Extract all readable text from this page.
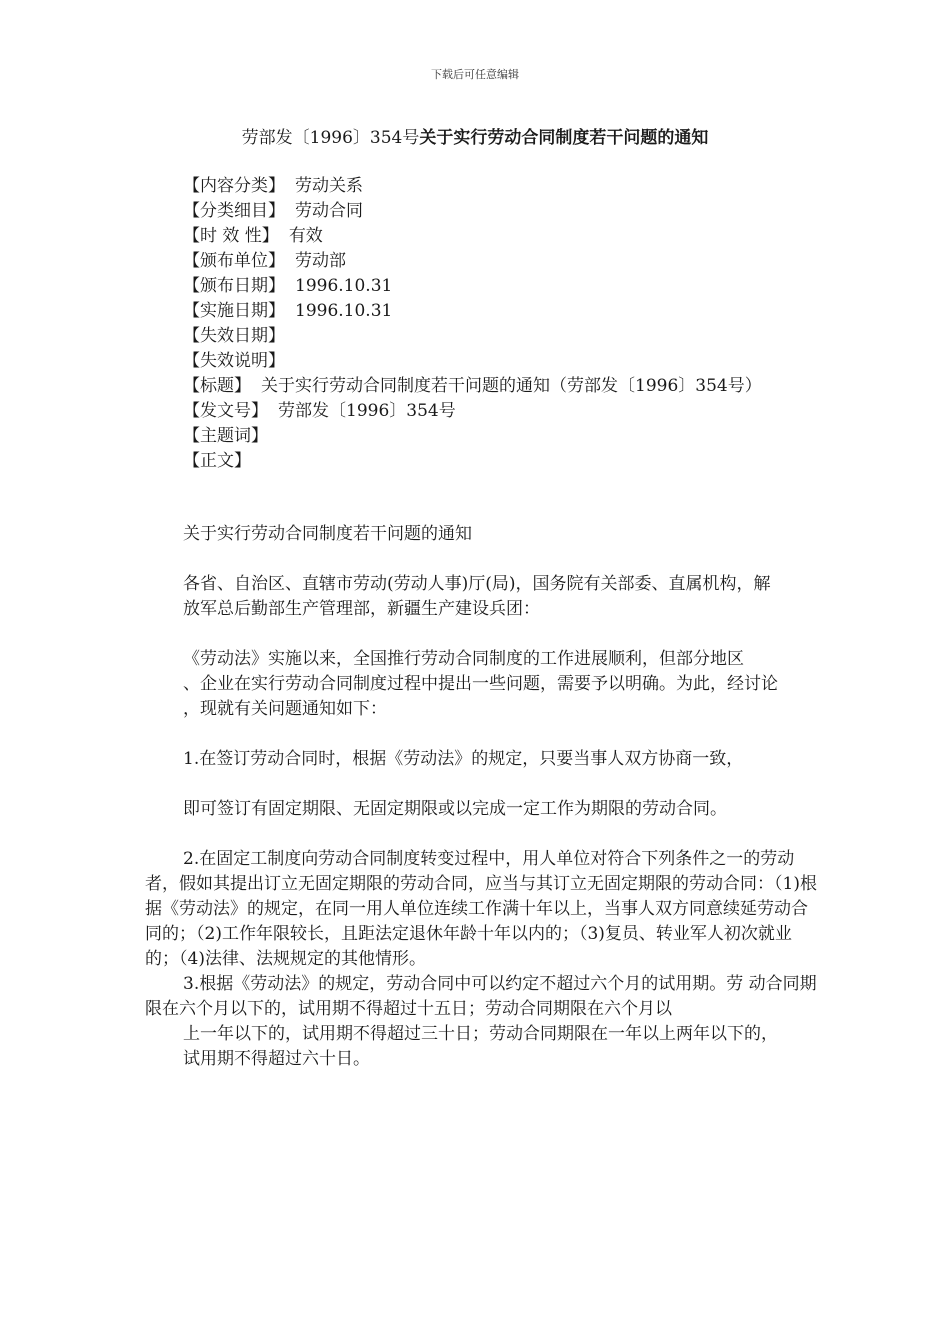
下载后可任意编辑
劳部发〔1996〕354号关于实行劳动合同制度若干问题的通知
【内容分类】 劳动关系
【分类细目】 劳动合同
【时 效 性】 有效
【颁布单位】 劳动部
【颁布日期】 1996.10.31
【实施日期】 1996.10.31
【失效日期】
【失效说明】
【标题】 关于实行劳动合同制度若干问题的通知（劳部发〔1996〕354号）
【发文号】 劳部发〔1996〕354号
【主题词】
【正文】
关于实行劳动合同制度若干问题的通知
各省、自治区、直辖市劳动(劳动人事)厅(局)，国务院有关部委、直属机构，解
放军总后勤部生产管理部，新疆生产建设兵团：
《劳动法》实施以来，全国推行劳动合同制度的工作进展顺利，但部分地区
、企业在实行劳动合同制度过程中提出一些问题，需要予以明确。为此，经讨论
，现就有关问题通知如下：
1.在签订劳动合同时，根据《劳动法》的规定，只要当事人双方协商一致，
即可签订有固定期限、无固定期限或以完成一定工作为期限的劳动合同。
2.在固定工制度向劳动合同制度转变过程中，用人单位对符合下列条件之一的劳动者，假如其提出订立无固定期限的劳动合同，应当与其订立无固定期限的劳动合同：（1)根据《劳动法》的规定，在同一用人单位连续工作满十年以上，当事人双方同意续延劳动合同的；（2)工作年限较长，且距法定退休年龄十年以内的；（3)复员、转业军人初次就业的；（4)法律、法规规定的其他情形。
3.根据《劳动法》的规定，劳动合同中可以约定不超过六个月的试用期。劳 动合同期限在六个月以下的，试用期不得超过十五日；劳动合同期限在六个月以
上一年以下的，试用期不得超过三十日；劳动合同期限在一年以上两年以下的，
试用期不得超过六十日。
